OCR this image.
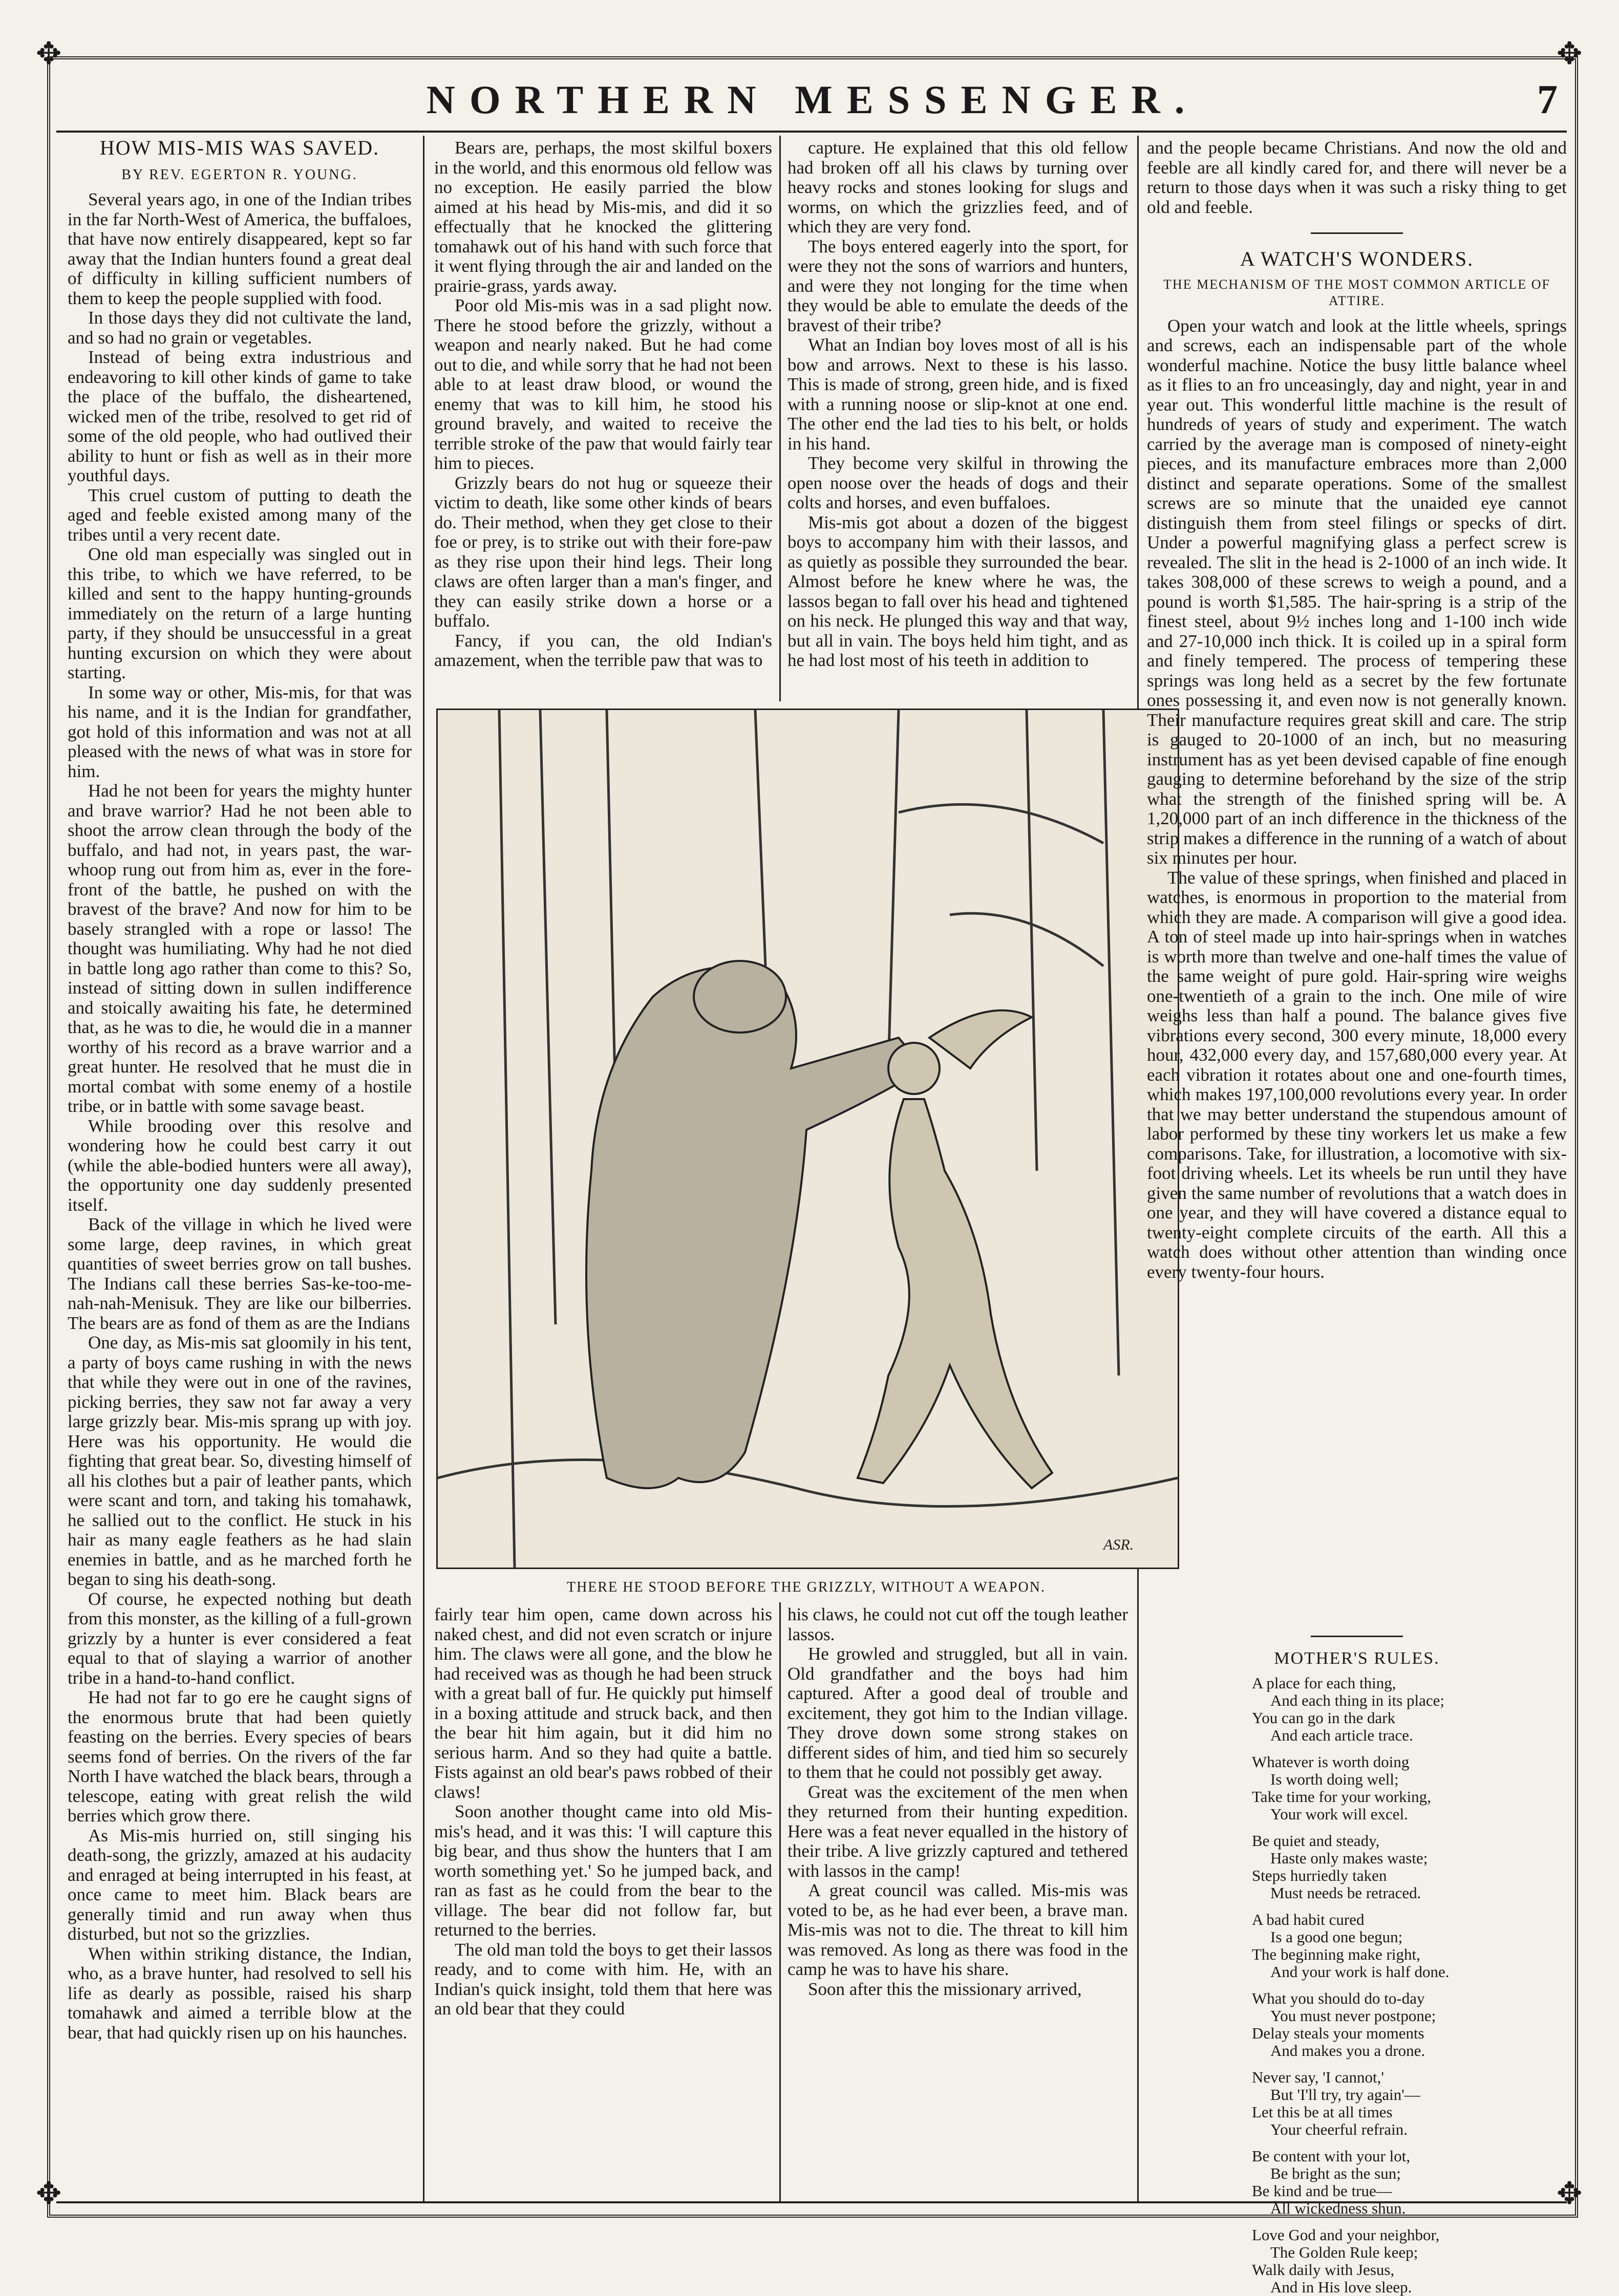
✥	✥
✥	✥
NORTHERN MESSENGER.	7
HOW MIS-MIS WAS SAVED.
BY REV. EGERTON R. YOUNG.

Several years ago, in one of the Indian tribes in the far North-West of America, the buffaloes, that have now entirely disappeared, kept so far away that the Indian hunters found a great deal of difficulty in killing sufficient numbers of them to keep the people supplied with food.

In those days they did not cultivate the land, and so had no grain or vegetables.

Instead of being extra industrious and endeavoring to kill other kinds of game to take the place of the buffalo, the disheartened, wicked men of the tribe, resolved to get rid of some of the old people, who had outlived their ability to hunt or fish as well as in their more youthful days.

This cruel custom of putting to death the aged and feeble existed among many of the tribes until a very recent date.

One old man especially was singled out in this tribe, to which we have referred, to be killed and sent to the happy hunting-grounds immediately on the return of a large hunting party, if they should be unsuccessful in a great hunting excursion on which they were about starting.

In some way or other, Mis-mis, for that was his name, and it is the Indian for grandfather, got hold of this information and was not at all pleased with the news of what was in store for him.

Had he not been for years the mighty hunter and brave warrior? Had he not been able to shoot the arrow clean through the body of the buffalo, and had not, in years past, the war-whoop rung out from him as, ever in the fore-front of the battle, he pushed on with the bravest of the brave? And now for him to be basely strangled with a rope or lasso! The thought was humiliating. Why had he not died in battle long ago rather than come to this? So, instead of sitting down in sullen indifference and stoically awaiting his fate, he determined that, as he was to die, he would die in a manner worthy of his record as a brave warrior and a great hunter. He resolved that he must die in mortal combat with some enemy of a hostile tribe, or in battle with some savage beast.

While brooding over this resolve and wondering how he could best carry it out (while the able-bodied hunters were all away), the opportunity one day suddenly presented itself.

Back of the village in which he lived were some large, deep ravines, in which great quantities of sweet berries grow on tall bushes. The Indians call these berries Sas-ke-too-me-nah-nah-Menisuk. They are like our bilberries. The bears are as fond of them as are the Indians

One day, as Mis-mis sat gloomily in his tent, a party of boys came rushing in with the news that while they were out in one of the ravines, picking berries, they saw not far away a very large grizzly bear. Mis-mis sprang up with joy. Here was his opportunity. He would die fighting that great bear. So, divesting himself of all his clothes but a pair of leather pants, which were scant and torn, and taking his tomahawk, he sallied out to the conflict. He stuck in his hair as many eagle feathers as he had slain enemies in battle, and as he marched forth he began to sing his death-song.

Of course, he expected nothing but death from this monster, as the killing of a full-grown grizzly by a hunter is ever considered a feat equal to that of slaying a warrior of another tribe in a hand-to-hand conflict.

He had not far to go ere he caught signs of the enormous brute that had been quietly feasting on the berries. Every species of bears seems fond of berries. On the rivers of the far North I have watched the black bears, through a telescope, eating with great relish the wild berries which grow there.

As Mis-mis hurried on, still singing his death-song, the grizzly, amazed at his audacity and enraged at being interrupted in his feast, at once came to meet him. Black bears are generally timid and run away when thus disturbed, but not so the grizzlies.

When within striking distance, the Indian, who, as a brave hunter, had resolved to sell his life as dearly as possible, raised his sharp tomahawk and aimed a terrible blow at the bear, that had quickly risen up on his haunches.

Bears are, perhaps, the most skilful boxers in the world, and this enormous old fellow was no exception. He easily parried the blow aimed at his head by Mis-mis, and did it so effectually that he knocked the glittering tomahawk out of his hand with such force that it went flying through the air and landed on the prairie-grass, yards away.

Poor old Mis-mis was in a sad plight now. There he stood before the grizzly, without a weapon and nearly naked. But he had come out to die, and while sorry that he had not been able to at least draw blood, or wound the enemy that was to kill him, he stood his ground bravely, and waited to receive the terrible stroke of the paw that would fairly tear him to pieces.

Grizzly bears do not hug or squeeze their victim to death, like some other kinds of bears do. Their method, when they get close to their foe or prey, is to strike out with their fore-paw as they rise upon their hind legs. Their long claws are often larger than a man's finger, and they can easily strike down a horse or a buffalo.

Fancy, if you can, the old Indian's amazement, when the terrible paw that was to

capture. He explained that this old fellow had broken off all his claws by turning over heavy rocks and stones looking for slugs and worms, on which the grizzlies feed, and of which they are very fond.

The boys entered eagerly into the sport, for were they not the sons of warriors and hunters, and were they not longing for the time when they would be able to emulate the deeds of the bravest of their tribe?

What an Indian boy loves most of all is his bow and arrows. Next to these is his lasso. This is made of strong, green hide, and is fixed with a running noose or slip-knot at one end. The other end the lad ties to his belt, or holds in his hand.

They become very skilful in throwing the open noose over the heads of dogs and their colts and horses, and even buffaloes.

Mis-mis got about a dozen of the biggest boys to accompany him with their lassos, and as quietly as possible they surrounded the bear. Almost before he knew where he was, the lassos began to fall over his head and tightened on his neck. He plunged this way and that way, but all in vain. The boys held him tight, and as he had lost most of his teeth in addition to

ASR.
THERE HE STOOD BEFORE THE GRIZZLY, WITHOUT A WEAPON.

fairly tear him open, came down across his naked chest, and did not even scratch or injure him. The claws were all gone, and the blow he had received was as though he had been struck with a great ball of fur. He quickly put himself in a boxing attitude and struck back, and then the bear hit him again, but it did him no serious harm. And so they had quite a battle. Fists against an old bear's paws robbed of their claws!

Soon another thought came into old Mis-mis's head, and it was this: 'I will capture this big bear, and thus show the hunters that I am worth something yet.' So he jumped back, and ran as fast as he could from the bear to the village. The bear did not follow far, but returned to the berries.

The old man told the boys to get their lassos ready, and to come with him. He, with an Indian's quick insight, told them that here was an old bear that they could

his claws, he could not cut off the tough leather lassos.

He growled and struggled, but all in vain. Old grandfather and the boys had him captured. After a good deal of trouble and excitement, they got him to the Indian village. They drove down some strong stakes on different sides of him, and tied him so securely to them that he could not possibly get away.

Great was the excitement of the men when they returned from their hunting expedition. Here was a feat never equalled in the history of their tribe. A live grizzly captured and tethered with lassos in the camp!

A great council was called. Mis-mis was voted to be, as he had ever been, a brave man. Mis-mis was not to die. The threat to kill him was removed. As long as there was food in the camp he was to have his share.

Soon after this the missionary arrived,

and the people became Christians. And now the old and feeble are all kindly cared for, and there will never be a return to those days when it was such a risky thing to get old and feeble.

A WATCH'S WONDERS.
THE MECHANISM OF THE MOST COMMON ARTICLE OF ATTIRE.

Open your watch and look at the little wheels, springs and screws, each an indispensable part of the whole wonderful machine. Notice the busy little balance wheel as it flies to an fro unceasingly, day and night, year in and year out. This wonderful little machine is the result of hundreds of years of study and experiment. The watch carried by the average man is composed of ninety-eight pieces, and its manufacture embraces more than 2,000 distinct and separate operations. Some of the smallest screws are so minute that the unaided eye cannot distinguish them from steel filings or specks of dirt. Under a powerful magnifying glass a perfect screw is revealed. The slit in the head is 2-1000 of an inch wide. It takes 308,000 of these screws to weigh a pound, and a pound is worth $1,585. The hair-spring is a strip of the finest steel, about 9½ inches long and 1-100 inch wide and 27-10,000 inch thick. It is coiled up in a spiral form and finely tempered. The process of tempering these springs was long held as a secret by the few fortunate ones possessing it, and even now is not generally known. Their manufacture requires great skill and care. The strip is gauged to 20-1000 of an inch, but no measuring instrument has as yet been devised capable of fine enough gauging to determine beforehand by the size of the strip what the strength of the finished spring will be. A 1,20,000 part of an inch difference in the thickness of the strip makes a difference in the running of a watch of about six minutes per hour.

The value of these springs, when finished and placed in watches, is enormous in proportion to the material from which they are made. A comparison will give a good idea. A ton of steel made up into hair-springs when in watches is worth more than twelve and one-half times the value of the same weight of pure gold. Hair-spring wire weighs one-twentieth of a grain to the inch. One mile of wire weighs less than half a pound. The balance gives five vibrations every second, 300 every minute, 18,000 every hour, 432,000 every day, and 157,680,000 every year. At each vibration it rotates about one and one-fourth times, which makes 197,100,000 revolutions every year. In order that we may better understand the stupendous amount of labor performed by these tiny workers let us make a few comparisons. Take, for illustration, a locomotive with six-foot driving wheels. Let its wheels be run until they have given the same number of revolutions that a watch does in one year, and they will have covered a distance equal to twenty-eight complete circuits of the earth. All this a watch does without other attention than winding once every twenty-four hours.

MOTHER'S RULES.
A place for each thing,
And each thing in its place;
You can go in the dark
And each article trace.
Whatever is worth doing
Is worth doing well;
Take time for your working,
Your work will excel.
Be quiet and steady,
Haste only makes waste;
Steps hurriedly taken
Must needs be retraced.
A bad habit cured
Is a good one begun;
The beginning make right,
And your work is half done.
What you should do to-day
You must never postpone;
Delay steals your moments
And makes you a drone.
Never say, 'I cannot,'
But 'I'll try, try again'—
Let this be at all times
Your cheerful refrain.
Be content with your lot,
Be bright as the sun;
Be kind and be true—
All wickedness shun.
Love God and your neighbor,
The Golden Rule keep;
Walk daily with Jesus,
And in His love sleep.
